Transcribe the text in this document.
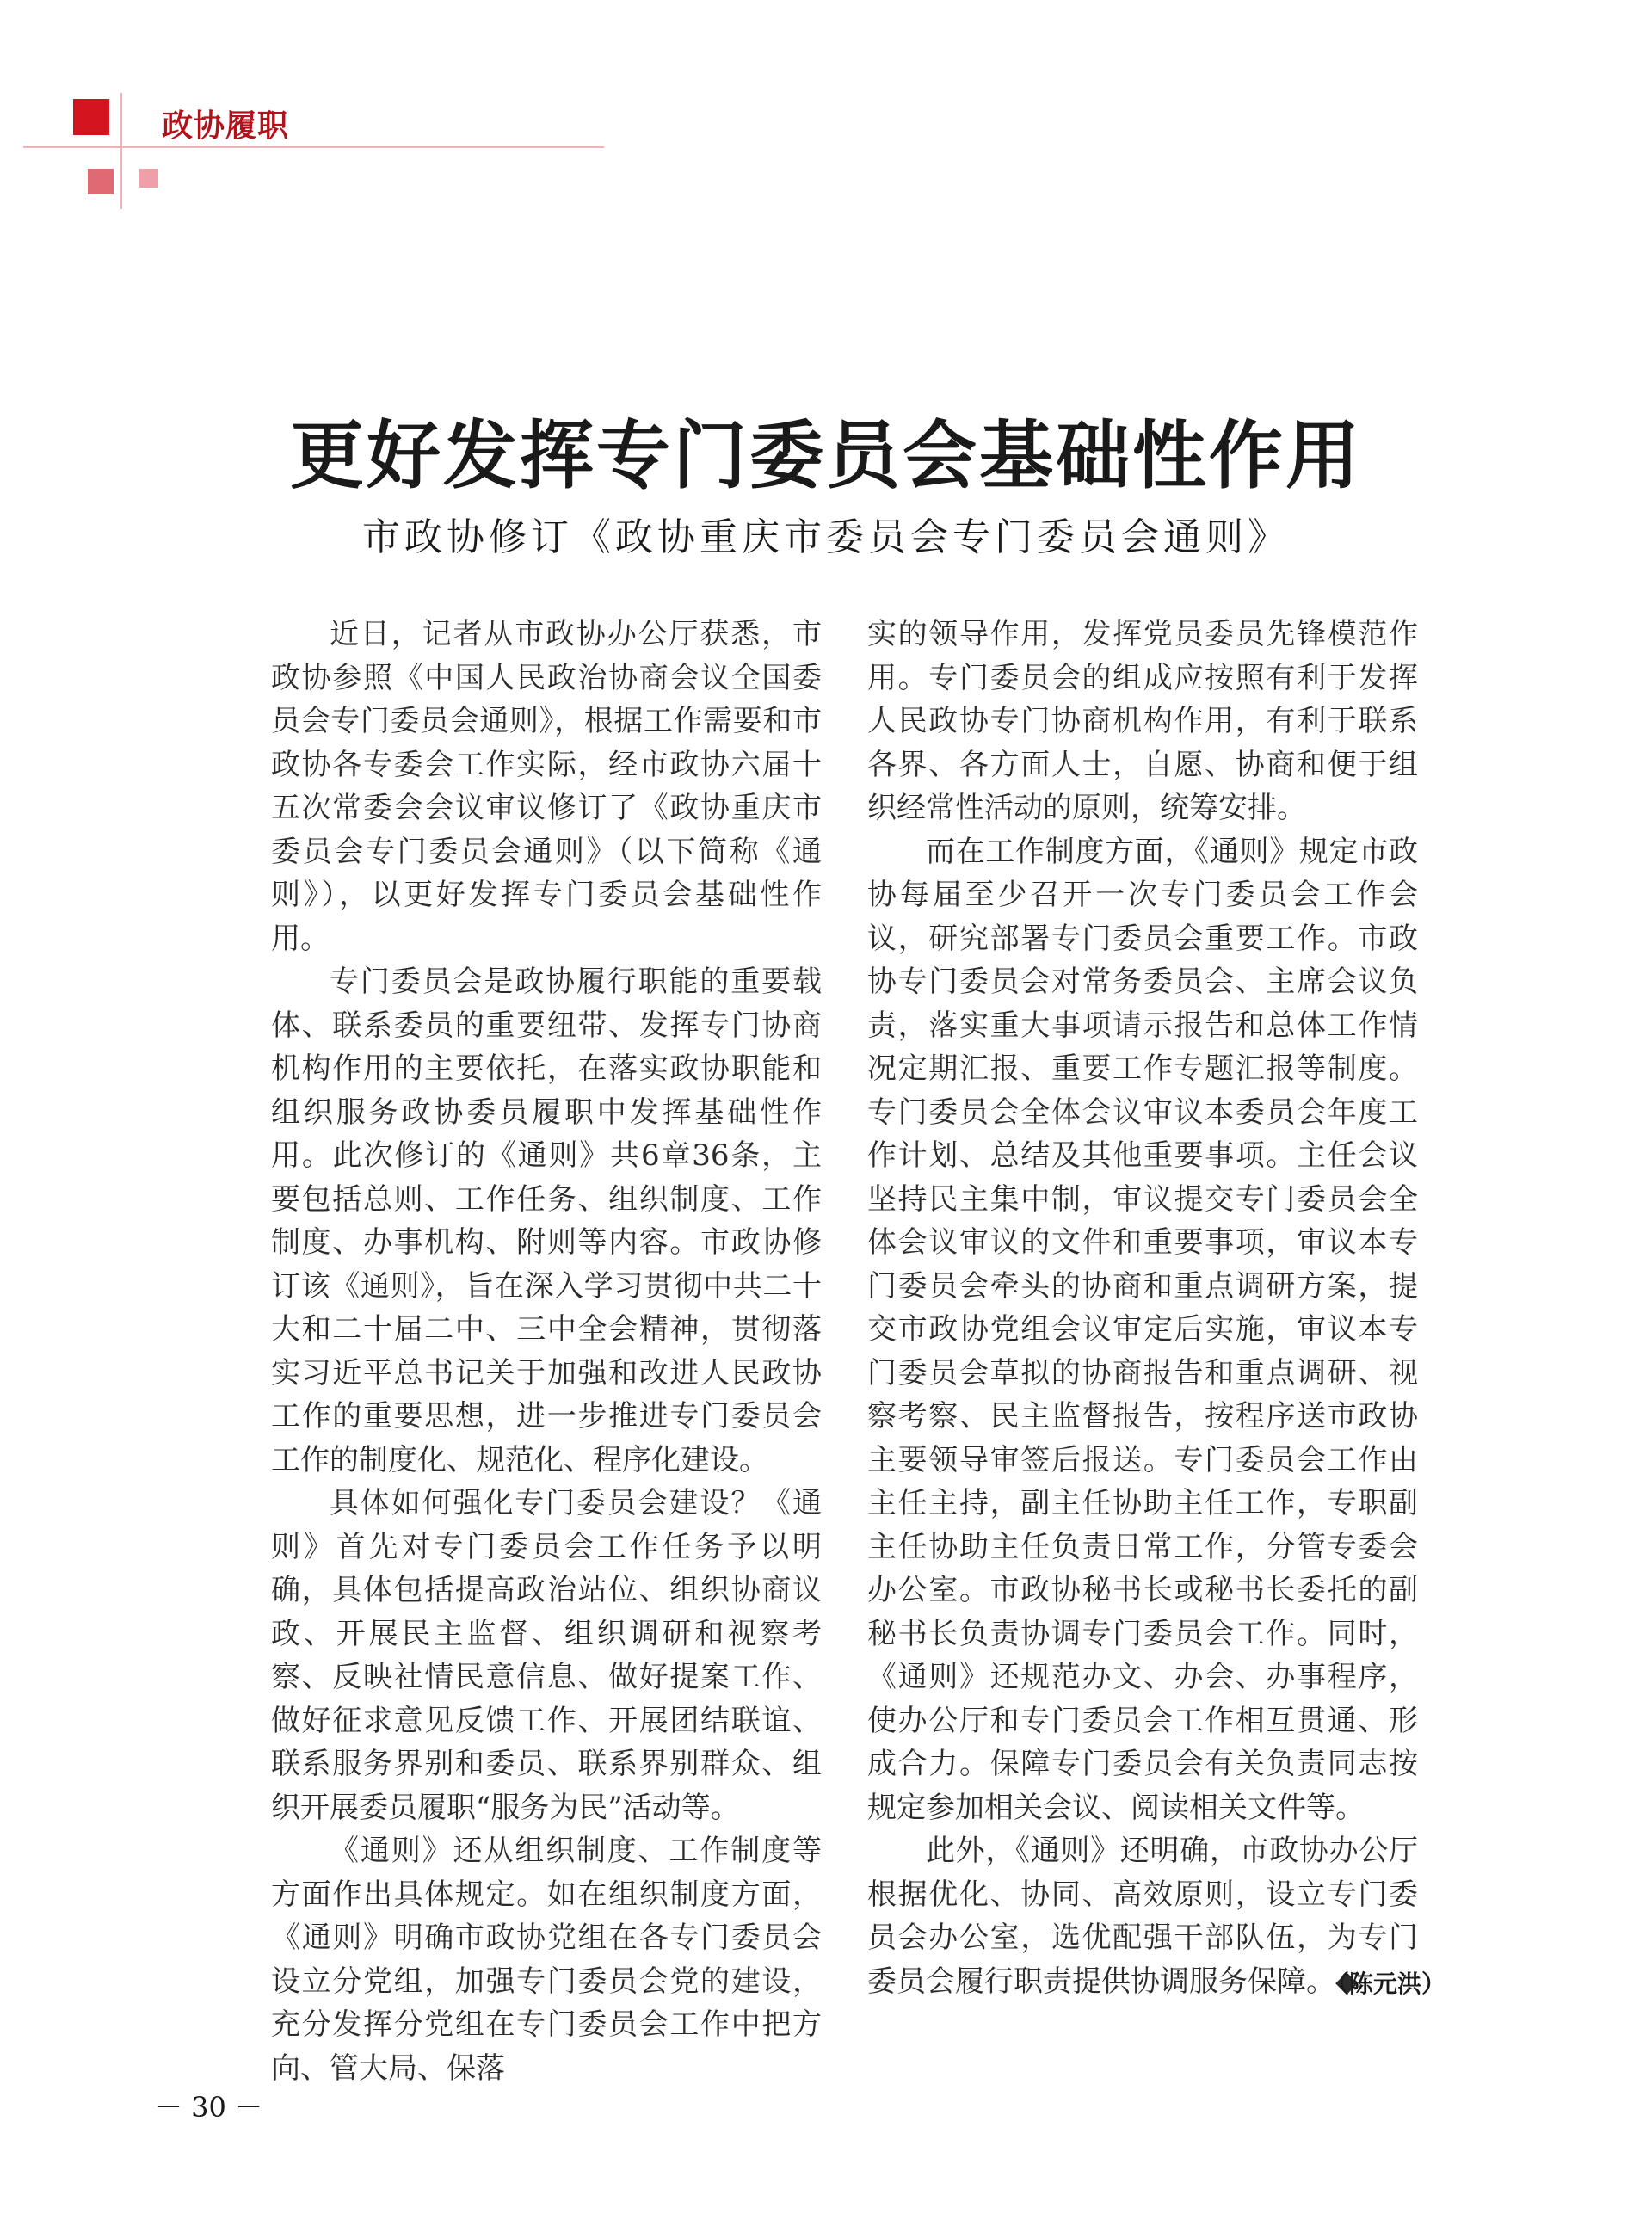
政协履职
更好发挥专门委员会基础性作用
市政协修订《政协重庆市委员会专门委员会通则》

近日，记者从市政协办公厅获悉，市政协参照《中国人民政治协商会议全国委员会专门委员会通则》，根据工作需要和市政协各专委会工作实际，经市政协六届十五次常委会会议审议修订了《政协重庆市委员会专门委员会通则》（以下简称《通则》），以更好发挥专门委员会基础性作用。

专门委员会是政协履行职能的重要载体、联系委员的重要纽带、发挥专门协商机构作用的主要依托，在落实政协职能和组织服务政协委员履职中发挥基础性作用。此次修订的《通则》共6章36条，主要包括总则、工作任务、组织制度、工作制度、办事机构、附则等内容。市政协修订该《通则》，旨在深入学习贯彻中共二十大和二十届二中、三中全会精神，贯彻落实习近平总书记关于加强和改进人民政协工作的重要思想，进一步推进专门委员会工作的制度化、规范化、程序化建设。

具体如何强化专门委员会建设？《通则》首先对专门委员会工作任务予以明确，具体包括提高政治站位、组织协商议政、开展民主监督、组织调研和视察考察、反映社情民意信息、做好提案工作、做好征求意见反馈工作、开展团结联谊、联系服务界别和委员、联系界别群众、组织开展委员履职“服务为民”活动等。

《通则》还从组织制度、工作制度等方面作出具体规定。如在组织制度方面，《通则》明确市政协党组在各专门委员会设立分党组，加强专门委员会党的建设，充分发挥分党组在专门委员会工作中把方向、管大局、保落

实的领导作用，发挥党员委员先锋模范作用。专门委员会的组成应按照有利于发挥人民政协专门协商机构作用，有利于联系各界、各方面人士，自愿、协商和便于组织经常性活动的原则，统筹安排。

而在工作制度方面，《通则》规定市政协每届至少召开一次专门委员会工作会议，研究部署专门委员会重要工作。市政协专门委员会对常务委员会、主席会议负责，落实重大事项请示报告和总体工作情况定期汇报、重要工作专题汇报等制度。专门委员会全体会议审议本委员会年度工作计划、总结及其他重要事项。主任会议坚持民主集中制，审议提交专门委员会全体会议审议的文件和重要事项，审议本专门委员会牵头的协商和重点调研方案，提交市政协党组会议审定后实施，审议本专门委员会草拟的协商报告和重点调研、视察考察、民主监督报告，按程序送市政协主要领导审签后报送。专门委员会工作由主任主持，副主任协助主任工作，专职副主任协助主任负责日常工作，分管专委会办公室。市政协秘书长或秘书长委托的副秘书长负责协调专门委员会工作。同时，《通则》还规范办文、办会、办事程序，使办公厅和专门委员会工作相互贯通、形成合力。保障专门委员会有关负责同志按规定参加相关会议、阅读相关文件等。

此外，《通则》还明确，市政协办公厅根据优化、协同、高效原则，设立专门委员会办公室，选优配强干部队伍，为专门委员会履行职责提供协调服务保障。◆

（陈元洪）
－ 30 －
